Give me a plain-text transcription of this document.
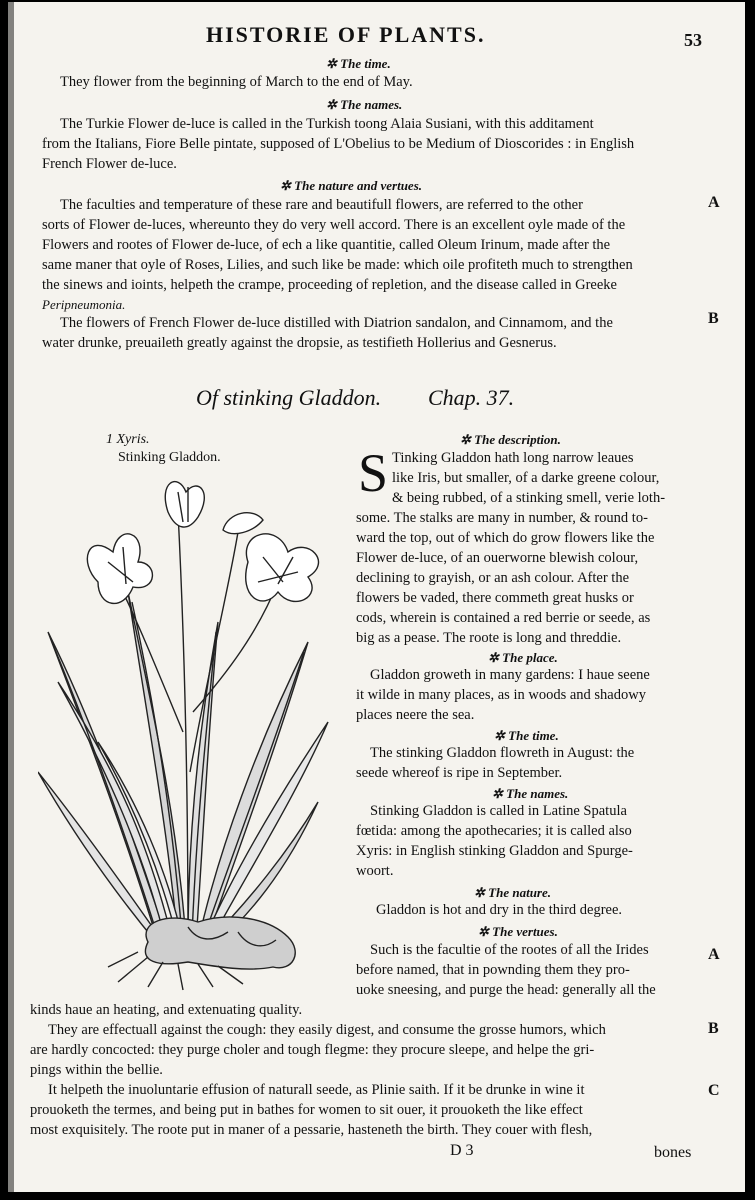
HISTORIE OF PLANTS.	53
✲ The time.
They flower from the beginning of March to the end of May.
✲ The names.
The Turkie Flower de-luce is called in the Turkish toong Alaia Susiani, with this additament
from the Italians, Fiore Belle pintate, supposed of L'Obelius to be Medium of Dioscorides : in English
French Flower de-luce.
✲ The nature and vertues.
The faculties and temperature of these rare and beautifull flowers, are referred to the other
sorts of Flower de-luces, whereunto they do very well accord. There is an excellent oyle made of the
Flowers and rootes of Flower de-luce, of ech a like quantitie, called Oleum Irinum, made after the
same maner that oyle of Roses, Lilies, and such like be made: which oile profiteth much to strengthen
the sinews and ioints, helpeth the crampe, proceeding of repletion, and the disease called in Greeke
Peripneumonia.
The flowers of French Flower de-luce distilled with Diatrion sandalon, and Cinnamom, and the
water drunke, preuaileth greatly against the dropsie, as testifieth Hollerius and Gesnerus.
A
B
Of stinking Gladdon. Chap. 37.
1 Xyris.
Stinking Gladdon.
✲ The description.
S Tinking Gladdon hath long narrow leaues
like Iris, but smaller, of a darke greene colour,
& being rubbed, of a stinking smell, verie loth-
some. The stalks are many in number, & round to-
ward the top, out of which do grow flowers like the
Flower de-luce, of an ouerworne blewish colour,
declining to grayish, or an ash colour. After the
flowers be vaded, there commeth great husks or
cods, wherein is contained a red berrie or seede, as
big as a pease. The roote is long and threddie.
✲ The place.
Gladdon groweth in many gardens: I haue seene
it wilde in many places, as in woods and shadowy
places neere the sea.
✲ The time.
The stinking Gladdon flowreth in August: the
seede whereof is ripe in September.
✲ The names.
Stinking Gladdon is called in Latine Spatula
fœtida: among the apothecaries; it is called also
Xyris: in English stinking Gladdon and Spurge-
woort.
✲ The nature.
Gladdon is hot and dry in the third degree.
✲ The vertues.
Such is the facultie of the rootes of all the Irides
before named, that in pownding them they pro-
uoke sneesing, and purge the head: generally all the
kinds haue an heating, and extenuating quality.
They are effectuall against the cough: they easily digest, and consume the grosse humors, which
are hardly concocted: they purge choler and tough flegme: they procure sleepe, and helpe the gri-
pings within the bellie.
It helpeth the inuoluntarie effusion of naturall seede, as Plinie saith. If it be drunke in wine it
prouoketh the termes, and being put in bathes for women to sit ouer, it prouoketh the like effect
most exquisitely. The roote put in maner of a pessarie, hasteneth the birth. They couer with flesh,
A
B
C
D 3	bones
